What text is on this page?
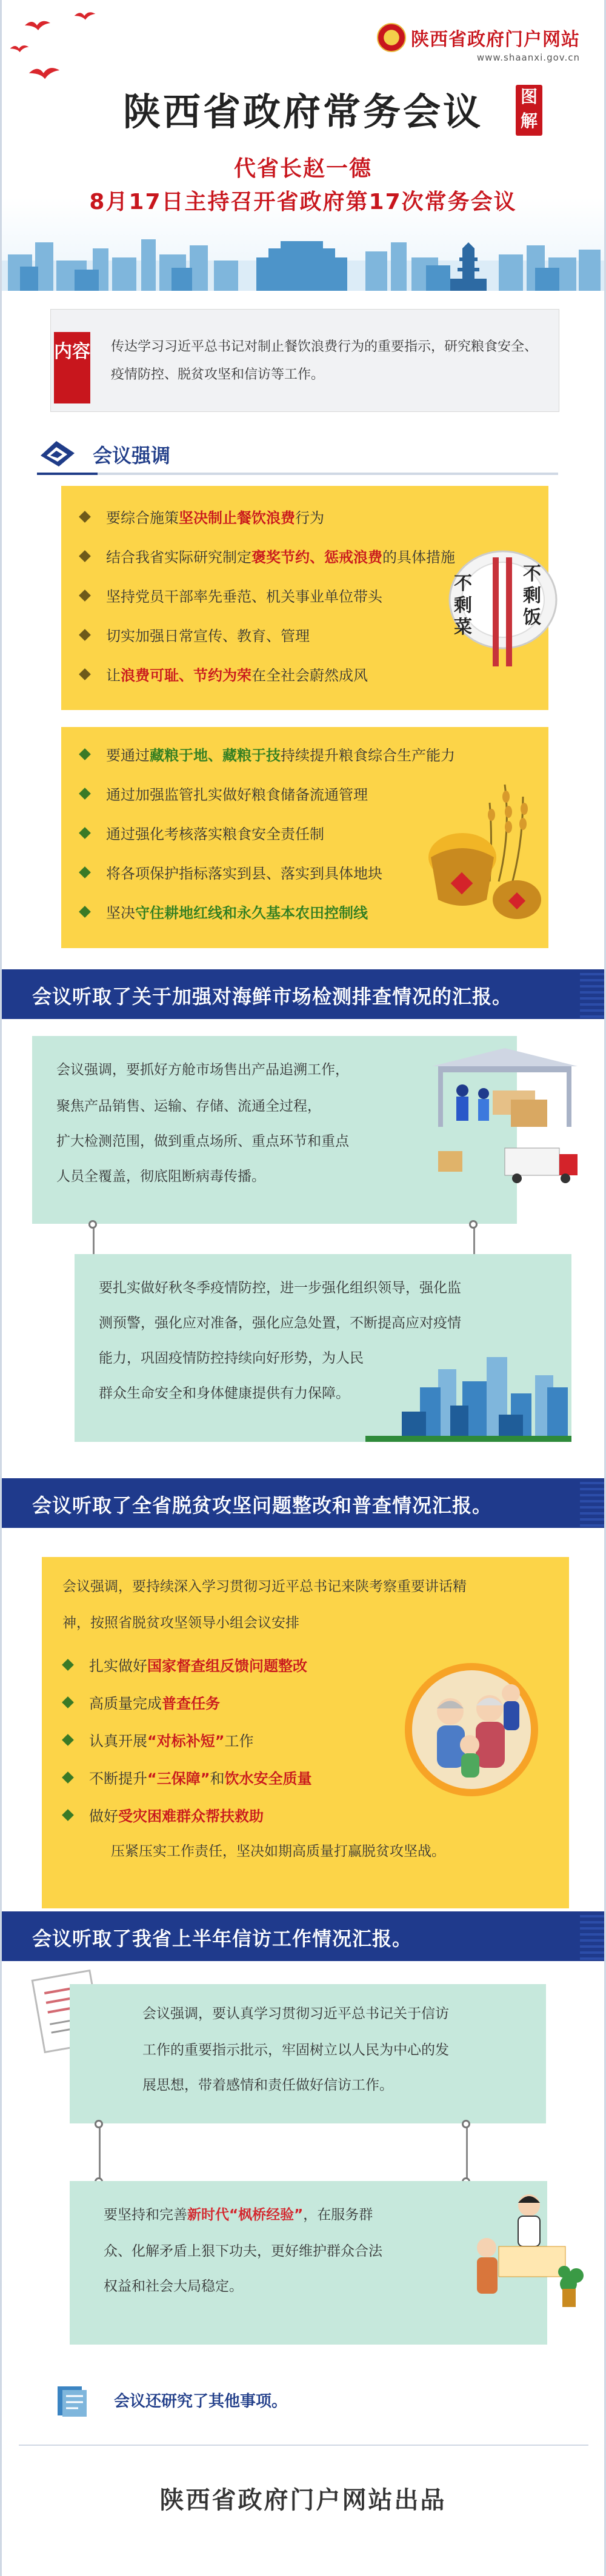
陕西省政府门户网站
www.shaanxi.gov.cn
陕西省政府常务会议	图解
代省长赵一德
8月17日主持召开省政府第17次常务会议
内容 传达学习习近平总书记对制止餐饮浪费行为的重要指示，研究粮食安全、疫情防控、脱贫攻坚和信访等工作。
会议强调
要综合施策 坚决制止餐饮浪费 行为
结合我省实际研究制定 褒奖节约、惩戒浪费 的具体措施
坚持党员干部率先垂范、机关事业单位带头
切实加强日常宣传、教育、管理
让 浪费可耻、节约为荣 在全社会蔚然成风
不剩菜
不剩饭
要通过 藏粮于地、藏粮于技 持续提升粮食综合生产能力
通过加强监管扎实做好粮食储备流通管理
通过强化考核落实粮食安全责任制
将各项保护指标落实到县、落实到具体地块
坚决 守住耕地红线和永久基本农田控制线
会议听取了关于加强对海鲜市场检测排查情况的汇报。
会议强调，要抓好方舱市场售出产品追溯工作，
聚焦产品销售、运输、存储、流通全过程，
扩大检测范围，做到重点场所、重点环节和重点
人员全覆盖，彻底阻断病毒传播。
要扎实做好秋冬季疫情防控，进一步强化组织领导，强化监
测预警，强化应对准备，强化应急处置，不断提高应对疫情
能力，巩固疫情防控持续向好形势，为人民
群众生命安全和身体健康提供有力保障。
会议听取了全省脱贫攻坚问题整改和普查情况汇报。
会议强调，要持续深入学习贯彻习近平总书记来陕考察重要讲话精
神，按照省脱贫攻坚领导小组会议安排
扎实做好 国家督查组反馈问题整改
高质量完成 普查任务
认真开展 “对标补短” 工作
不断提升 “三保障” 和 饮水安全质量
做好 受灾困难群众帮扶救助
压紧压实工作责任，坚决如期高质量打赢脱贫攻坚战。
会议听取了我省上半年信访工作情况汇报。
会议强调，要认真学习贯彻习近平总书记关于信访
工作的重要指示批示，牢固树立以人民为中心的发
展思想，带着感情和责任做好信访工作。
要坚持和完善新时代“枫桥经验”，在服务群
众、化解矛盾上狠下功夫，更好维护群众合法
权益和社会大局稳定。
会议还研究了其他事项。
陕西省政府门户网站出品
